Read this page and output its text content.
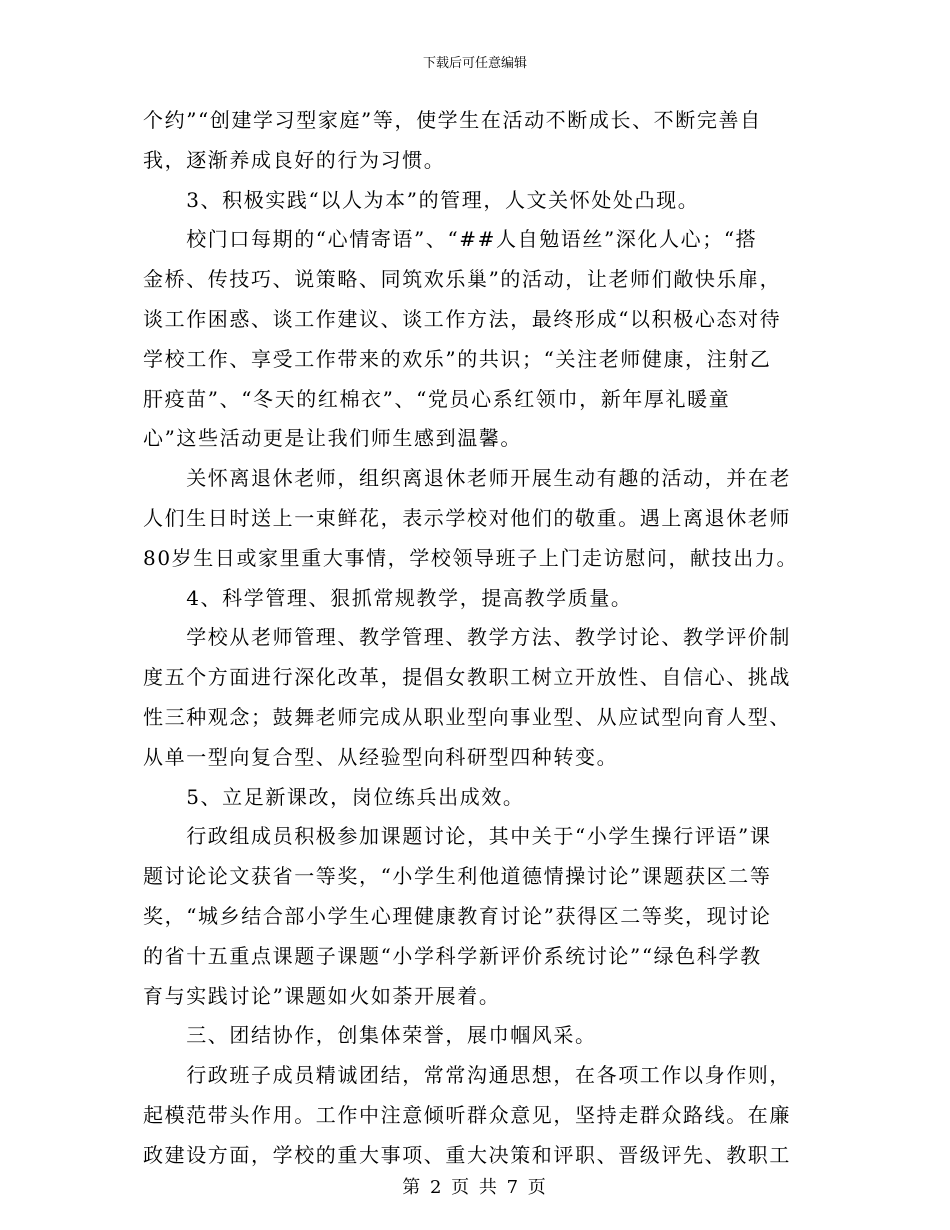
下载后可任意编辑
个约”“创建学习型家庭”等，使学生在活动不断成长、不断完善自
我，逐渐养成良好的行为习惯。
　　3、积极实践“以人为本”的管理，人文关怀处处凸现。
　　校门口每期的“心情寄语”、“##人自勉语丝”深化人心；“搭
金桥、传技巧、说策略、同筑欢乐巢”的活动，让老师们敞快乐扉，
谈工作困惑、谈工作建议、谈工作方法，最终形成“以积极心态对待
学校工作、享受工作带来的欢乐”的共识；“关注老师健康，注射乙
肝疫苗”、“冬天的红棉衣”、“党员心系红领巾，新年厚礼暖童
心”这些活动更是让我们师生感到温馨。
　　关怀离退休老师，组织离退休老师开展生动有趣的活动，并在老
人们生日时送上一束鲜花，表示学校对他们的敬重。遇上离退休老师
80岁生日或家里重大事情，学校领导班子上门走访慰问，献技出力。
　　4、科学管理、狠抓常规教学，提高教学质量。
　　学校从老师管理、教学管理、教学方法、教学讨论、教学评价制
度五个方面进行深化改革，提倡女教职工树立开放性、自信心、挑战
性三种观念；鼓舞老师完成从职业型向事业型、从应试型向育人型、
从单一型向复合型、从经验型向科研型四种转变。
　　5、立足新课改，岗位练兵出成效。
　　行政组成员积极参加课题讨论，其中关于“小学生操行评语”课
题讨论论文获省一等奖，“小学生利他道德情操讨论”课题获区二等
奖，“城乡结合部小学生心理健康教育讨论”获得区二等奖，现讨论
的省十五重点课题子课题“小学科学新评价系统讨论”“绿色科学教
育与实践讨论”课题如火如荼开展着。
　　三、团结协作，创集体荣誉，展巾帼风采。
　　行政班子成员精诚团结，常常沟通思想，在各项工作以身作则，
起模范带头作用。工作中注意倾听群众意见，坚持走群众路线。在廉
政建设方面，学校的重大事项、重大决策和评职、晋级评先、教职工
第 2 页 共 7 页
